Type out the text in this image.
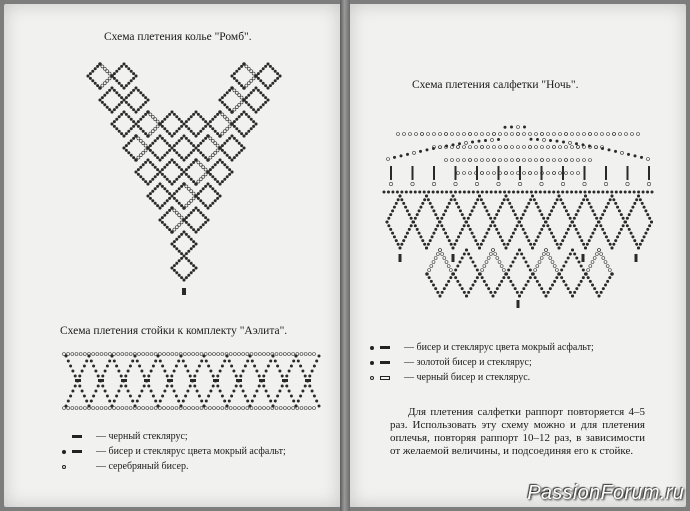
Схема плетения колье "Ромб".
Схема плетения стойки к комплекту "Аэлита".
— черный стеклярус;
— бисер и стеклярус цвета мокрый асфальт;
— серебряный бисер.
Схема плетения салфетки "Ночь".
— бисер и стеклярус цвета мокрый асфальт;
— золотой бисер и стеклярус;
— черный бисер и стеклярус.
Для плетения салфетки раппорт повторяется 4–5 раз. Использовать эту схему можно и для плетения оплечья, повторяя раппорт 10–12 раз, в зависимости от желаемой величины, и подсоединяя его к стойке.
PassionForum.ru
